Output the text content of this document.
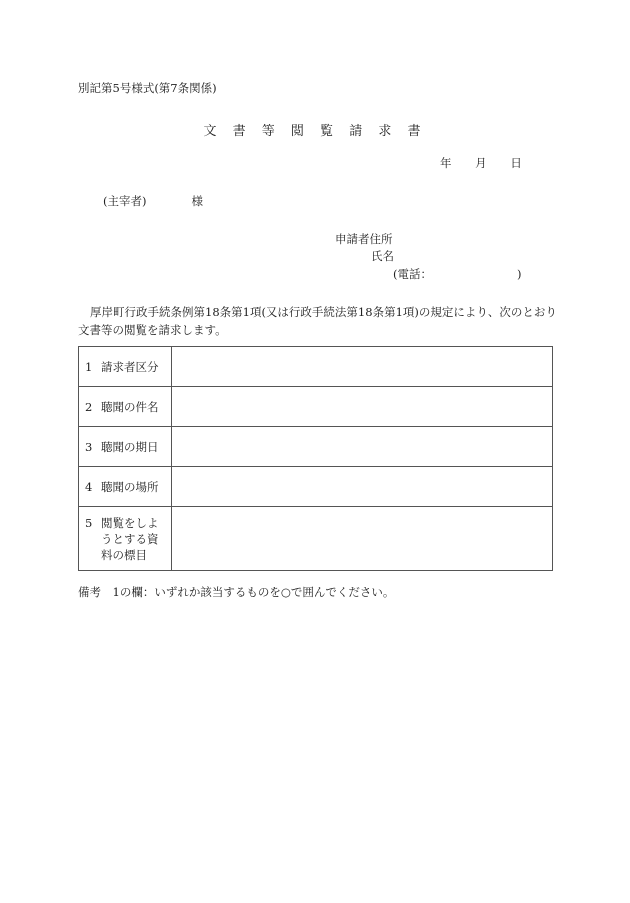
別記第5号様式(第7条関係)
文 書 等 閲 覧 請 求 書
年 月 日
(主宰者)	様
申請者住所
氏名
(電話：	)
厚岸町行政手続条例第18条第1項(又は行政手続法第18条第1項)の規定により、次のとおり文書等の閲覧を請求します。
1 請求者区分	
2 聴聞の件名	
3 聴聞の期日	
4 聴聞の場所	

5 閲覧をしよ
うとする資
料の標目	

備考　1の欄：いずれか該当するものを○で囲んでください。
